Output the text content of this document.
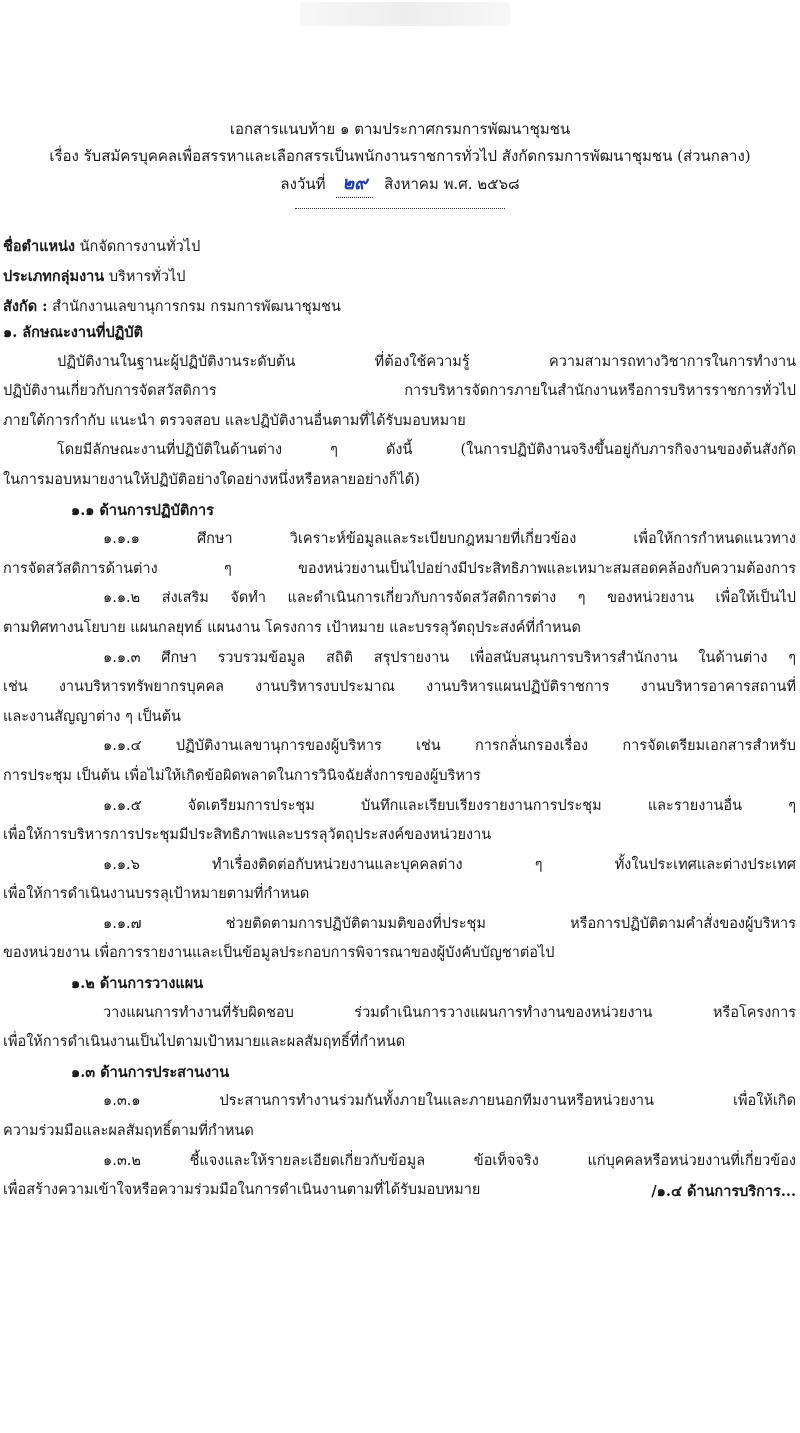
เอกสารแนบท้าย ๑ ตามประกาศกรมการพัฒนาชุมชน
เรื่อง รับสมัครบุคคลเพื่อสรรหาและเลือกสรรเป็นพนักงานราชการทั่วไป สังกัดกรมการพัฒนาชุมชน (ส่วนกลาง)
ลงวันที่ ๒๙ สิงหาคม พ.ศ. ๒๕๖๘
ชื่อตำแหน่ง นักจัดการงานทั่วไป
ประเภทกลุ่มงาน บริหารทั่วไป
สังกัด : สำนักงานเลขานุการกรม กรมการพัฒนาชุมชน

๑. ลักษณะงานที่ปฏิบัติ

ปฏิบัติงานในฐานะผู้ปฏิบัติงานระดับต้น ที่ต้องใช้ความรู้ ความสามารถทางวิชาการในการทำงาน

ปฏิบัติงานเกี่ยวกับการจัดสวัสดิการ การบริหารจัดการภายในสำนักงานหรือการบริหารราชการทั่วไป

ภายใต้การกำกับ แนะนำ ตรวจสอบ และปฏิบัติงานอื่นตามที่ได้รับมอบหมาย

โดยมีลักษณะงานที่ปฏิบัติในด้านต่าง ๆ ดังนี้ (ในการปฏิบัติงานจริงขึ้นอยู่กับภารกิจงานของต้นสังกัด

ในการมอบหมายงานให้ปฏิบัติอย่างใดอย่างหนึ่งหรือหลายอย่างก็ได้)

๑.๑ ด้านการปฏิบัติการ

๑.๑.๑ ศึกษา วิเคราะห์ข้อมูลและระเบียบกฎหมายที่เกี่ยวข้อง เพื่อให้การกำหนดแนวทาง

การจัดสวัสดิการด้านต่าง ๆ ของหน่วยงานเป็นไปอย่างมีประสิทธิภาพและเหมาะสมสอดคล้องกับความต้องการ

๑.๑.๒ ส่งเสริม จัดทำ และดำเนินการเกี่ยวกับการจัดสวัสดิการต่าง ๆ ของหน่วยงาน เพื่อให้เป็นไป

ตามทิศทางนโยบาย แผนกลยุทธ์ แผนงาน โครงการ เป้าหมาย และบรรลุวัตถุประสงค์ที่กำหนด

๑.๑.๓ ศึกษา รวบรวมข้อมูล สถิติ สรุปรายงาน เพื่อสนับสนุนการบริหารสำนักงาน ในด้านต่าง ๆ

เช่น งานบริหารทรัพยากรบุคคล งานบริหารงบประมาณ งานบริหารแผนปฏิบัติราชการ งานบริหารอาคารสถานที่

และงานสัญญาต่าง ๆ เป็นต้น

๑.๑.๔ ปฏิบัติงานเลขานุการของผู้บริหาร เช่น การกลั่นกรองเรื่อง การจัดเตรียมเอกสารสำหรับ

การประชุม เป็นต้น เพื่อไม่ให้เกิดข้อผิดพลาดในการวินิจฉัยสั่งการของผู้บริหาร

๑.๑.๕ จัดเตรียมการประชุม บันทึกและเรียบเรียงรายงานการประชุม และรายงานอื่น ๆ

เพื่อให้การบริหารการประชุมมีประสิทธิภาพและบรรลุวัตถุประสงค์ของหน่วยงาน

๑.๑.๖ ทำเรื่องติดต่อกับหน่วยงานและบุคคลต่าง ๆ ทั้งในประเทศและต่างประเทศ

เพื่อให้การดำเนินงานบรรลุเป้าหมายตามที่กำหนด

๑.๑.๗ ช่วยติดตามการปฏิบัติตามมติของที่ประชุม หรือการปฏิบัติตามคำสั่งของผู้บริหาร

ของหน่วยงาน เพื่อการรายงานและเป็นข้อมูลประกอบการพิจารณาของผู้บังคับบัญชาต่อไป

๑.๒ ด้านการวางแผน

วางแผนการทำงานที่รับผิดชอบ ร่วมดำเนินการวางแผนการทำงานของหน่วยงาน หรือโครงการ

เพื่อให้การดำเนินงานเป็นไปตามเป้าหมายและผลสัมฤทธิ์ที่กำหนด

๑.๓ ด้านการประสานงาน

๑.๓.๑ ประสานการทำงานร่วมกันทั้งภายในและภายนอกทีมงานหรือหน่วยงาน เพื่อให้เกิด

ความร่วมมือและผลสัมฤทธิ์ตามที่กำหนด

๑.๓.๒ ชี้แจงและให้รายละเอียดเกี่ยวกับข้อมูล ข้อเท็จจริง แก่บุคคลหรือหน่วยงานที่เกี่ยวข้อง

เพื่อสร้างความเข้าใจหรือความร่วมมือในการดำเนินงานตามที่ได้รับมอบหมาย	/๑.๔ ด้านการบริการ...
